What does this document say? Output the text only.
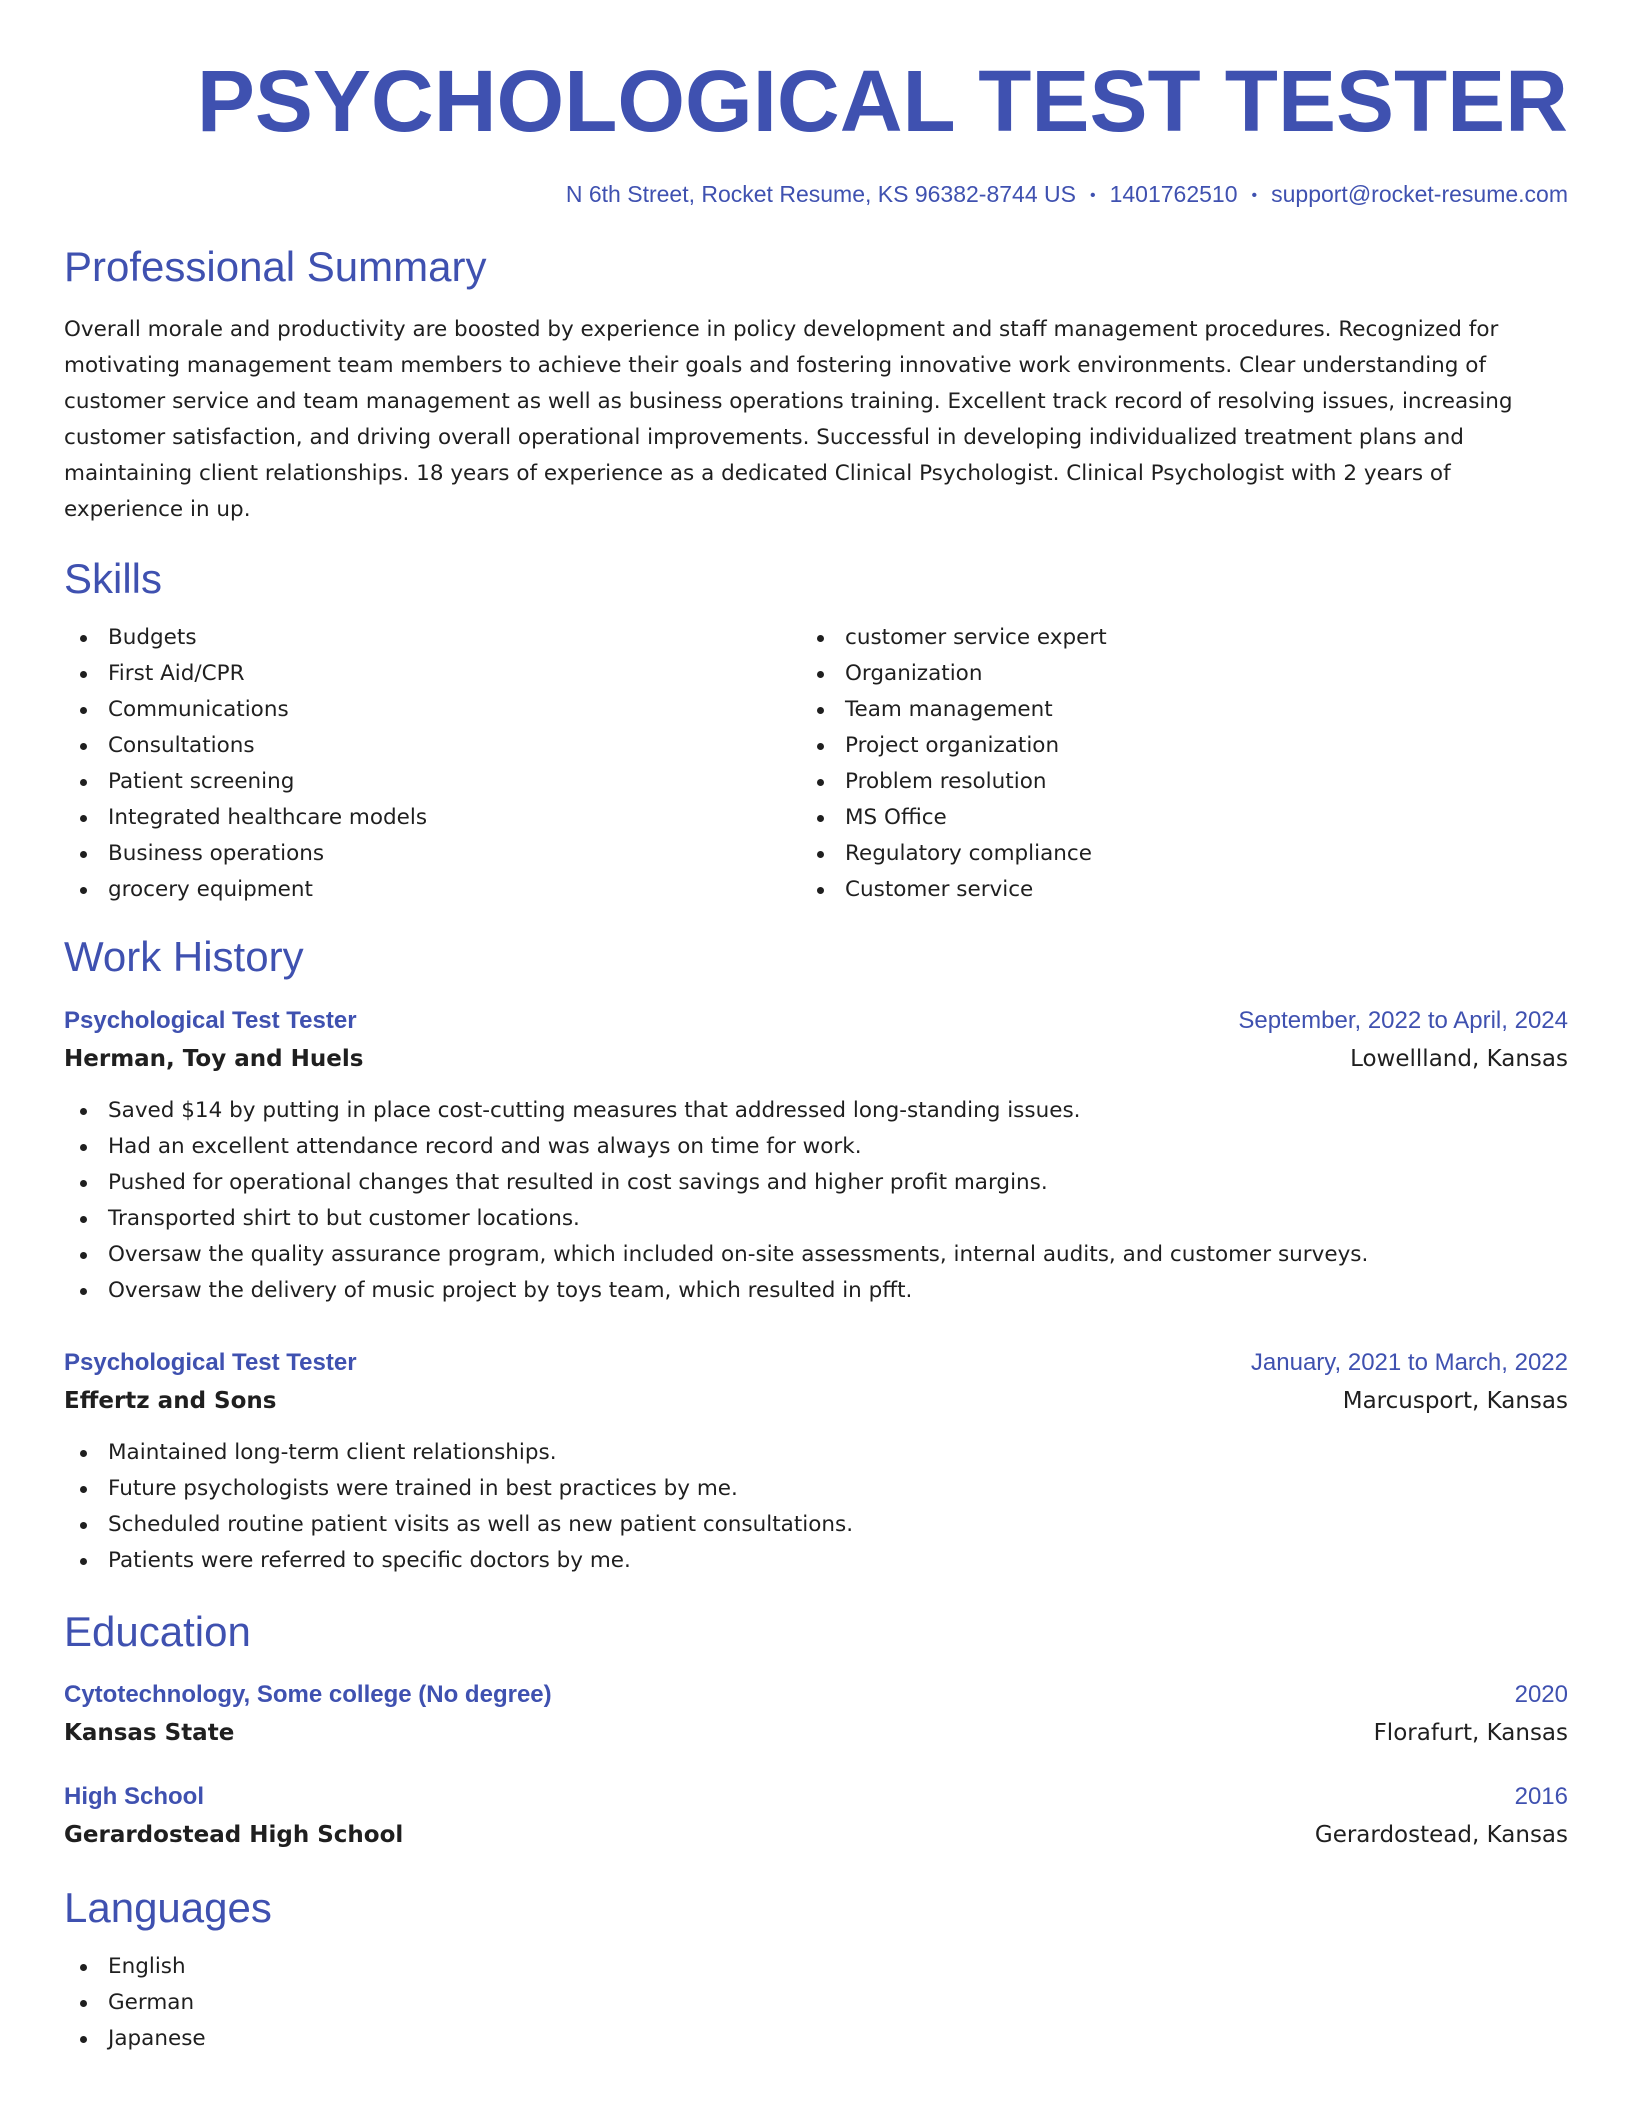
PSYCHOLOGICAL TEST TESTER
N 6th Street, Rocket Resume, KS 96382-8744 US • 1401762510 • support@rocket-resume.com
Professional Summary
Overall morale and productivity are boosted by experience in policy development and staff management procedures. Recognized for motivating management team members to achieve their goals and fostering innovative work environments. Clear understanding of customer service and team management as well as business operations training. Excellent track record of resolving issues, increasing customer satisfaction, and driving overall operational improvements. Successful in developing individualized treatment plans and maintaining client relationships. 18 years of experience as a dedicated Clinical Psychologist. Clinical Psychologist with 2 years of experience in up.
Skills
Budgets
First Aid/CPR
Communications
Consultations
Patient screening
Integrated healthcare models
Business operations
grocery equipment
customer service expert
Organization
Team management
Project organization
Problem resolution
MS Office
Regulatory compliance
Customer service
Work History
Psychological Test Tester	September, 2022 to April, 2024
Herman, Toy and Huels	Lowellland, Kansas
Saved $14 by putting in place cost-cutting measures that addressed long-standing issues.
Had an excellent attendance record and was always on time for work.
Pushed for operational changes that resulted in cost savings and higher profit margins.
Transported shirt to but customer locations.
Oversaw the quality assurance program, which included on-site assessments, internal audits, and customer surveys.
Oversaw the delivery of music project by toys team, which resulted in pfft.
Psychological Test Tester	January, 2021 to March, 2022
Effertz and Sons	Marcusport, Kansas
Maintained long-term client relationships.
Future psychologists were trained in best practices by me.
Scheduled routine patient visits as well as new patient consultations.
Patients were referred to specific doctors by me.
Education
Cytotechnology, Some college (No degree)	2020
Kansas State	Florafurt, Kansas
High School	2016
Gerardostead High School	Gerardostead, Kansas
Languages
English
German
Japanese
